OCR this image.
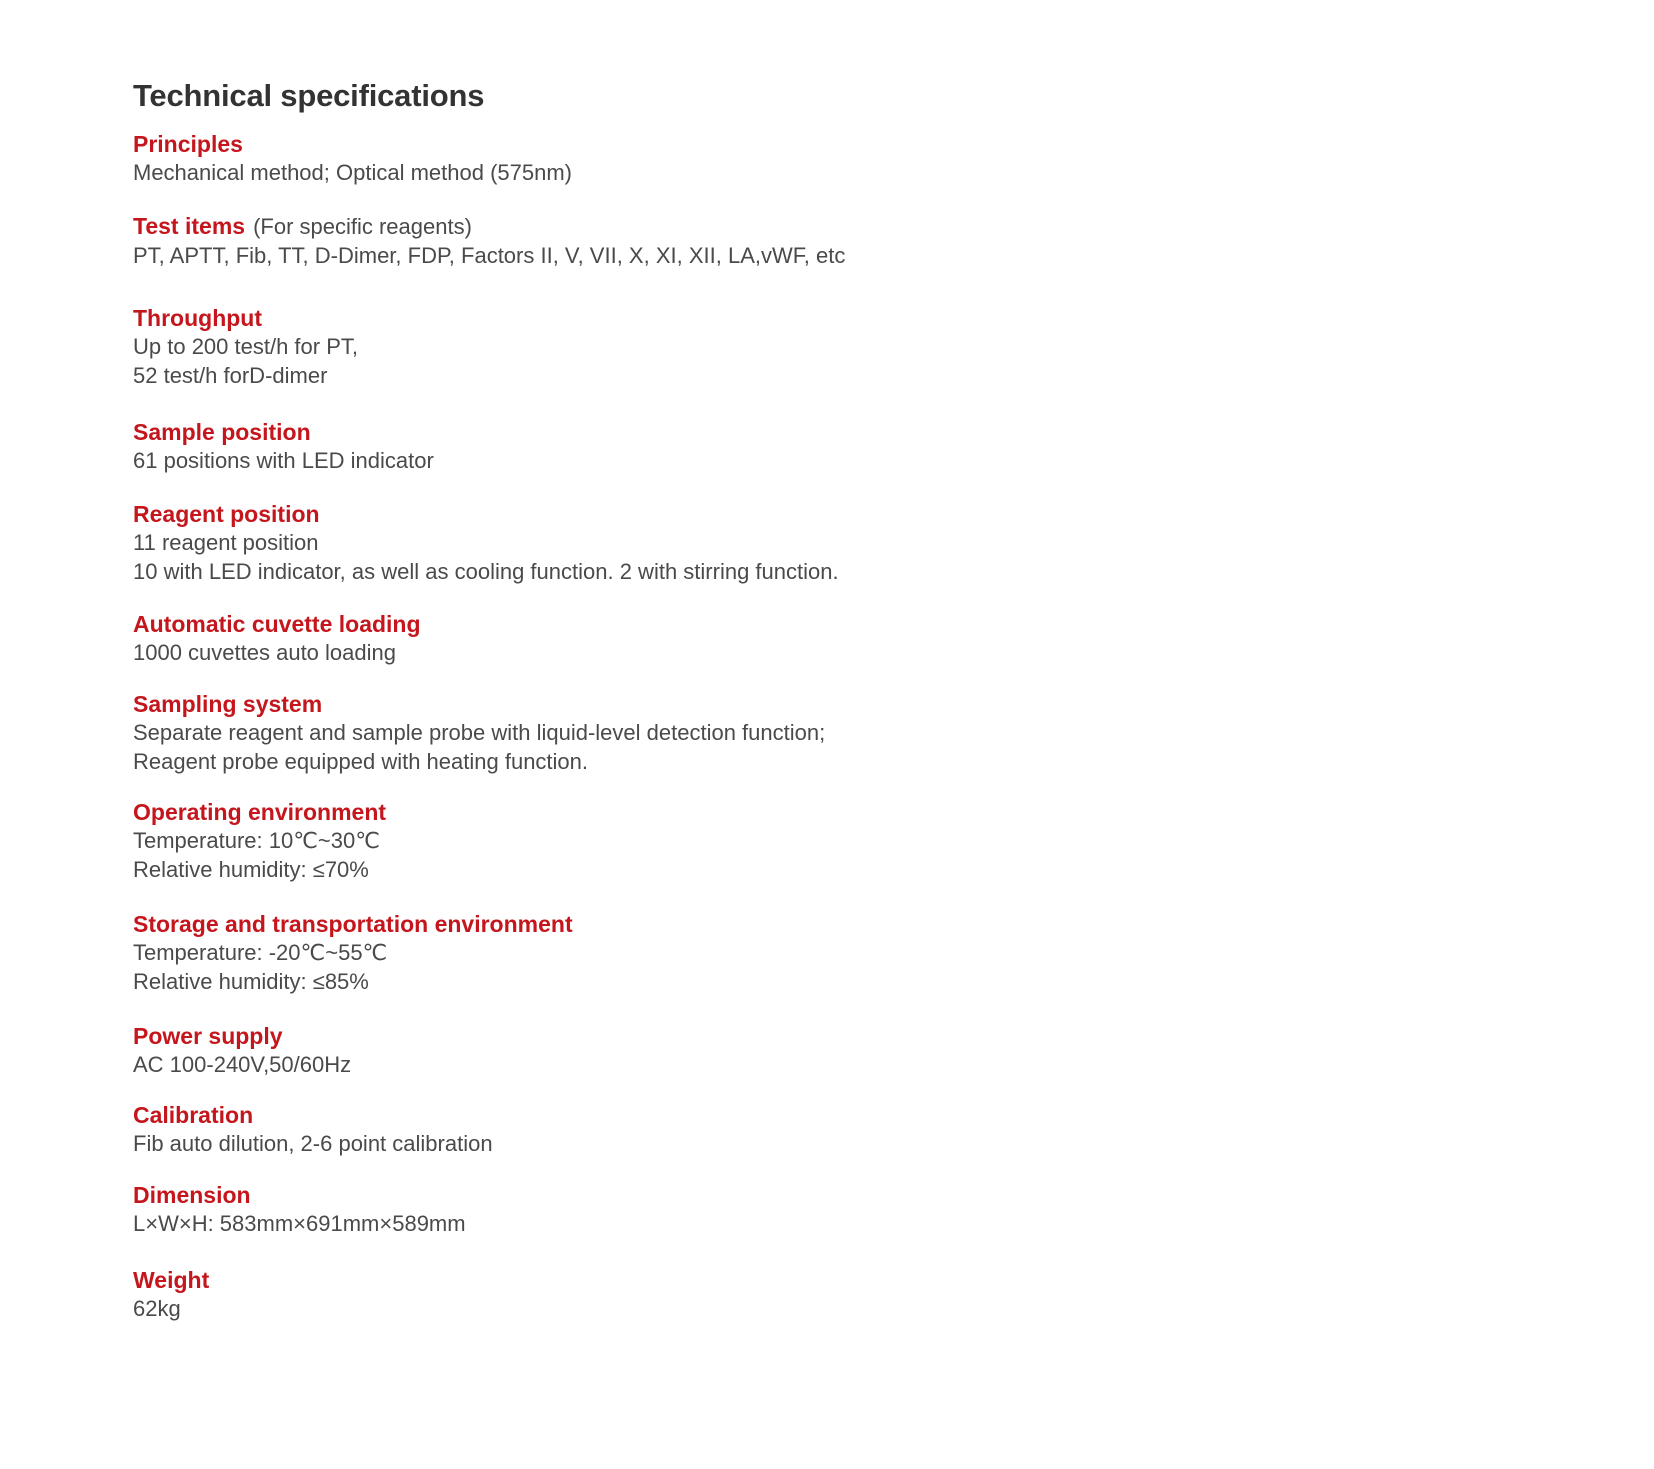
Technical specifications
Principles
Mechanical method; Optical method (575nm)
Test items (For specific reagents)
PT, APTT, Fib, TT, D-Dimer, FDP, Factors II, V, VII, X, XI, XII, LA,vWF, etc
Throughput
Up to 200 test/h for PT,
52 test/h forD-dimer
Sample position
61 positions with LED indicator
Reagent position
11 reagent position
10 with LED indicator, as well as cooling function. 2 with stirring function.
Automatic cuvette loading
1000 cuvettes auto loading
Sampling system
Separate reagent and sample probe with liquid-level detection function;
Reagent probe equipped with heating function.
Operating environment
Temperature: 10℃~30℃
Relative humidity: ≤70%
Storage and transportation environment
Temperature: -20℃~55℃
Relative humidity: ≤85%
Power supply
AC 100-240V,50/60Hz
Calibration
Fib auto dilution, 2-6 point calibration
Dimension
L×W×H: 583mm×691mm×589mm
Weight
62kg
